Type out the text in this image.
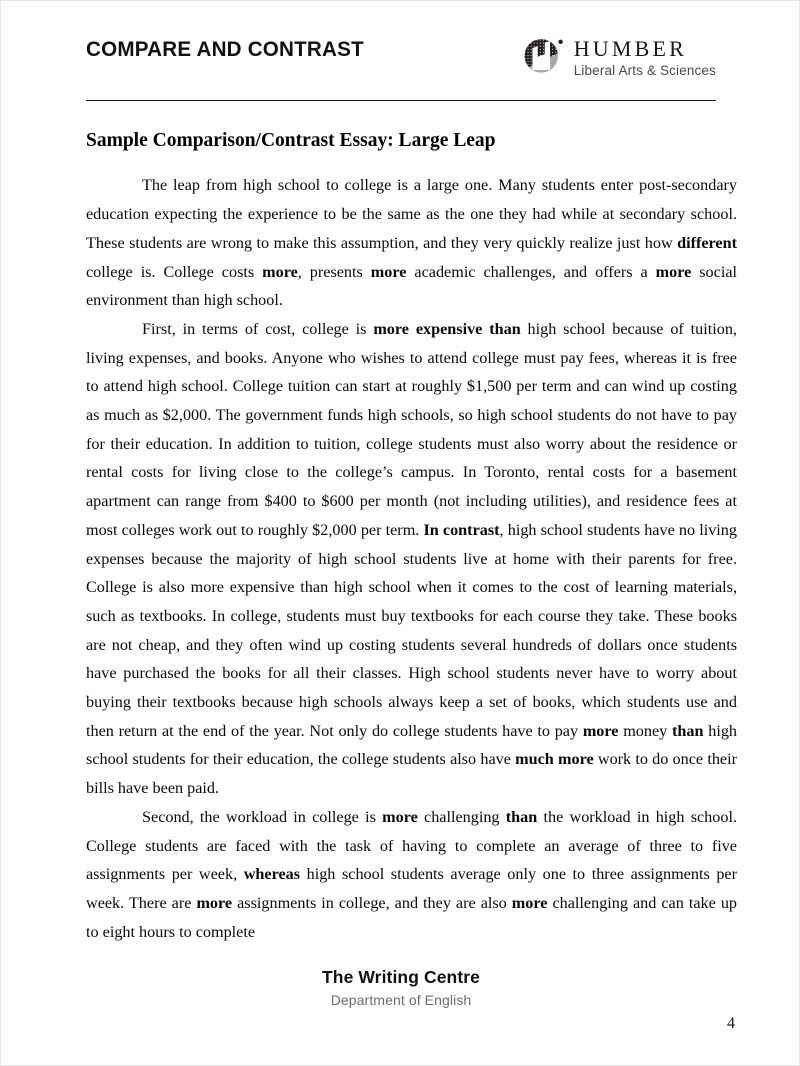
COMPARE AND CONTRAST	HUMBER
Liberal Arts & Sciences
Sample Comparison/Contrast Essay: Large Leap

The leap from high school to college is a large one. Many students enter post-secondary education expecting the experience to be the same as the one they had while at secondary school. These students are wrong to make this assumption, and they very quickly realize just how different college is. College costs more, presents more academic challenges, and offers a more social environment than high school.

First, in terms of cost, college is more expensive than high school because of tuition, living expenses, and books. Anyone who wishes to attend college must pay fees, whereas it is free to attend high school. College tuition can start at roughly $1,500 per term and can wind up costing as much as $2,000. The government funds high schools, so high school students do not have to pay for their education. In addition to tuition, college students must also worry about the residence or rental costs for living close to the college’s campus. In Toronto, rental costs for a basement apartment can range from $400 to $600 per month (not including utilities), and residence fees at most colleges work out to roughly $2,000 per term. In contrast, high school students have no living expenses because the majority of high school students live at home with their parents for free. College is also more expensive than high school when it comes to the cost of learning materials, such as textbooks. In college, students must buy textbooks for each course they take. These books are not cheap, and they often wind up costing students several hundreds of dollars once students have purchased the books for all their classes. High school students never have to worry about buying their textbooks because high schools always keep a set of books, which students use and then return at the end of the year. Not only do college students have to pay more money than high school students for their education, the college students also have much more work to do once their bills have been paid.

Second, the workload in college is more challenging than the workload in high school. College students are faced with the task of having to complete an average of three to five assignments per week, whereas high school students average only one to three assignments per week. There are more assignments in college, and they are also more challenging and can take up to eight hours to complete

The Writing Centre
Department of English
4
